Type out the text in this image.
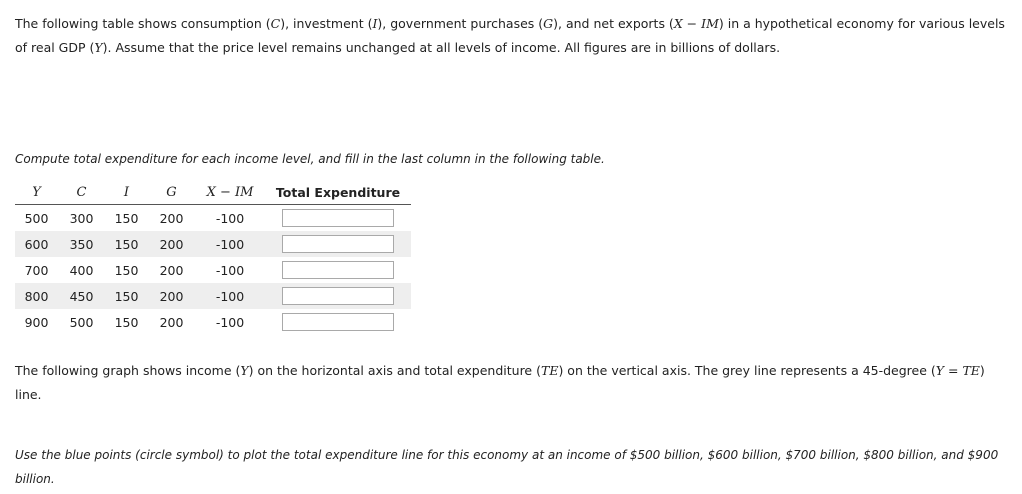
The following table shows consumption (C), investment (I), government purchases (G), and net exports (X − IM) in a hypothetical economy for various levels of real GDP (Y). Assume that the price level remains unchanged at all levels of income. All figures are in billions of dollars.

Compute total expenditure for each income level, and fill in the last column in the following table.

Y	C	I	G	X − IM	Total Expenditure
500	300	150	200	-100	

600	350	150	200	-100	

700	400	150	200	-100	

800	450	150	200	-100	

900	500	150	200	-100	

The following graph shows income (Y) on the horizontal axis and total expenditure (TE) on the vertical axis. The grey line represents a 45-degree (Y = TE) line.

Use the blue points (circle symbol) to plot the total expenditure line for this economy at an income of $500 billion, $600 billion, $700 billion, $800 billion, and $900 billion.
